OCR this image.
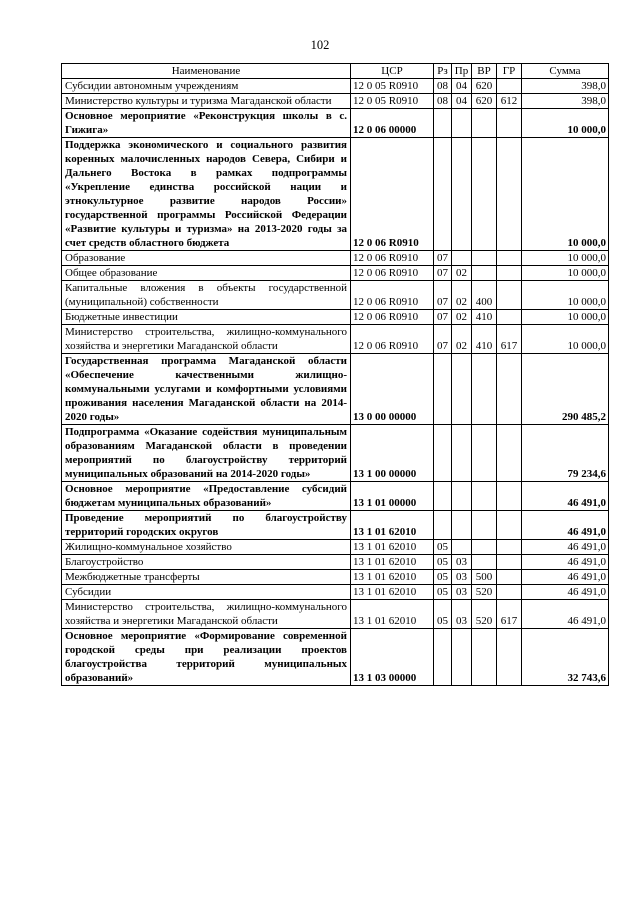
102
Наименование	ЦСР	Рз	Пр	ВР	ГР	Сумма
Субсидии автономным учреждениям	12 0 05 R0910	08	04	620		398,0
Министерство культуры и туризма Магаданской области	12 0 05 R0910	08	04	620	612	398,0
Основное мероприятие «Реконструкция школы в с. Гижига»	12 0 06 00000					10 000,0
Поддержка экономического и социального развития коренных малочисленных народов Севера, Сибири и Дальнего Востока в рамках подпрограммы «Укрепление единства российской нации и этнокультурное развитие народов России» государственной программы Российской Федерации «Развитие культуры и туризма» на 2013-2020 годы за счет средств областного бюджета	12 0 06 R0910					10 000,0
Образование	12 0 06 R0910	07				10 000,0
Общее образование	12 0 06 R0910	07	02			10 000,0
Капитальные вложения в объекты государственной (муниципальной) собственности	12 0 06 R0910	07	02	400		10 000,0
Бюджетные инвестиции	12 0 06 R0910	07	02	410		10 000,0
Министерство строительства, жилищно-коммунального хозяйства и энергетики Магаданской области	12 0 06 R0910	07	02	410	617	10 000,0
Государственная программа Магаданской области «Обеспечение качественными жилищно-коммунальными услугами и комфортными условиями проживания населения Магаданской области на 2014-2020 годы»	13 0 00 00000					290 485,2
Подпрограмма «Оказание содействия муниципальным образованиям Магаданской области в проведении мероприятий по благоустройству территорий муниципальных образований на 2014-2020 годы»	13 1 00 00000					79 234,6
Основное мероприятие «Предоставление субсидий бюджетам муниципальных образований»	13 1 01 00000					46 491,0
Проведение мероприятий по благоустройству территорий городских округов	13 1 01 62010					46 491,0
Жилищно-коммунальное хозяйство	13 1 01 62010	05				46 491,0
Благоустройство	13 1 01 62010	05	03			46 491,0
Межбюджетные трансферты	13 1 01 62010	05	03	500		46 491,0
Субсидии	13 1 01 62010	05	03	520		46 491,0
Министерство строительства, жилищно-коммунального хозяйства и энергетики Магаданской области	13 1 01 62010	05	03	520	617	46 491,0
Основное мероприятие «Формирование современной городской среды при реализации проектов благоустройства территорий муниципальных образований»	13 1 03 00000					32 743,6
